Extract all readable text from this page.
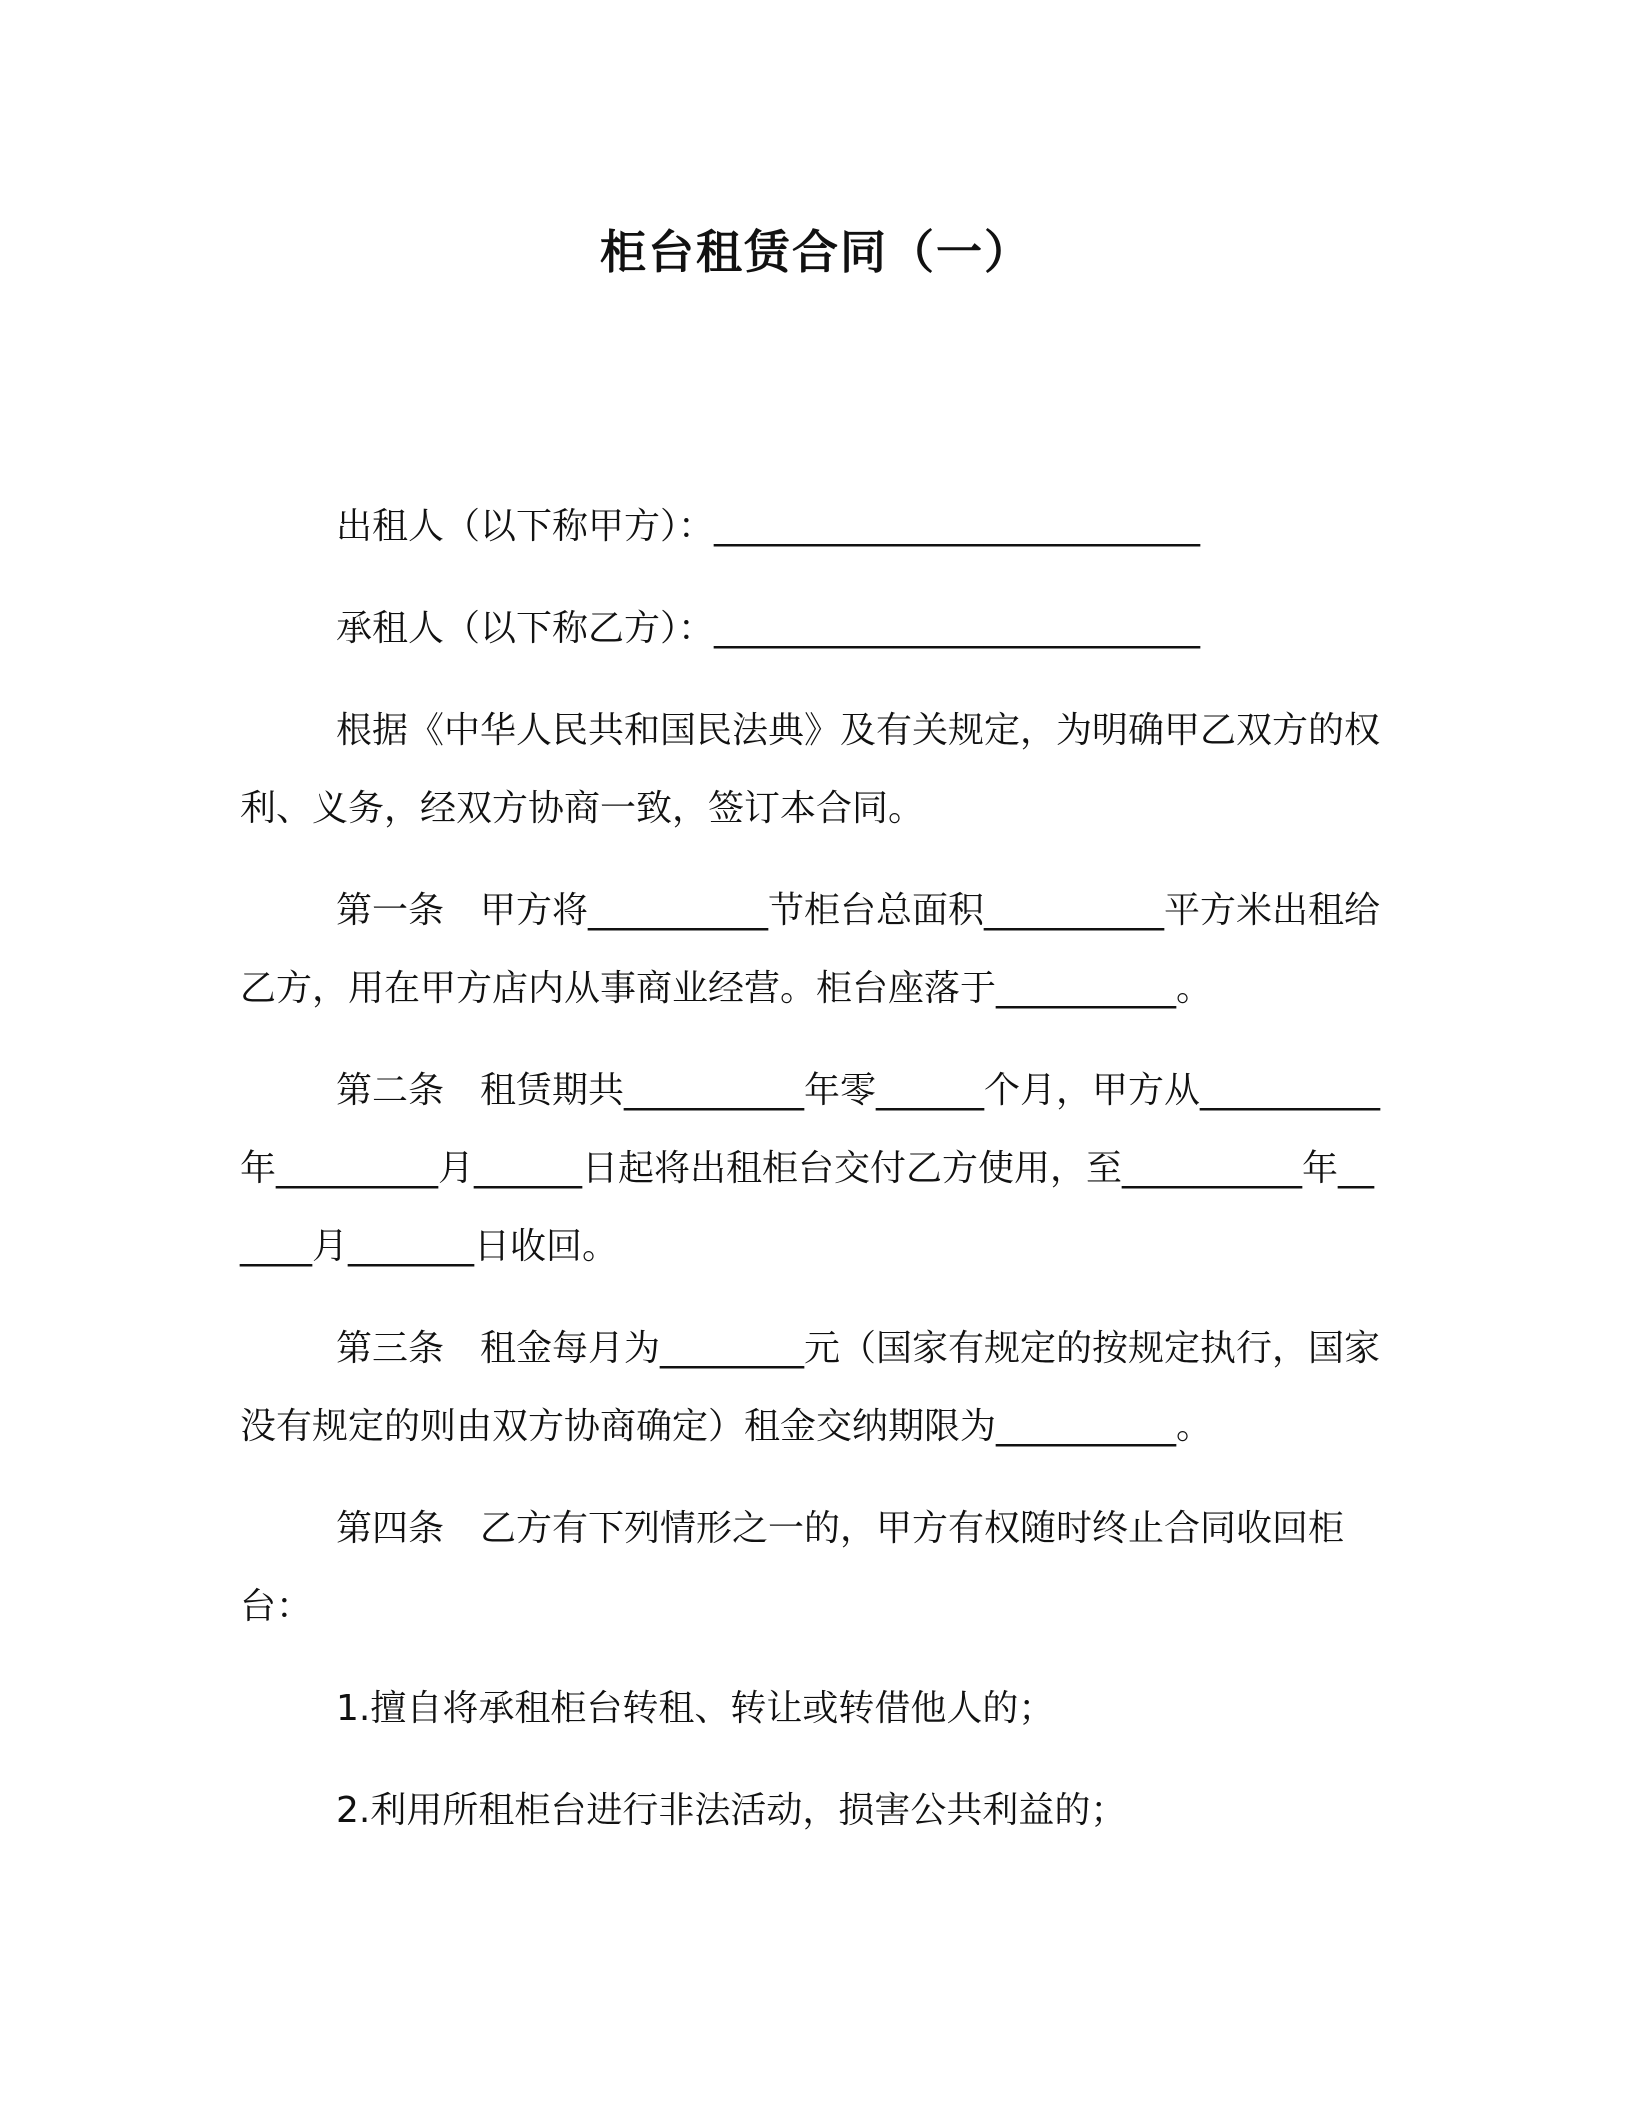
柜台租赁合同（一）

出租人（以下称甲方）：___________________________

承租人（以下称乙方）：___________________________

根据《中华人民共和国民法典》及有关规定，为明确甲乙双方的权利、义务，经双方协商一致，签订本合同。

第一条　甲方将__________节柜台总面积__________平方米出租给乙方，用在甲方店内从事商业经营。柜台座落于__________。

第二条　租赁期共__________年零______个月，甲方从__________年_________月______日起将出租柜台交付乙方使用，至__________年______月_______日收回。

第三条　租金每月为________元（国家有规定的按规定执行，国家没有规定的则由双方协商确定）租金交纳期限为__________。

第四条　乙方有下列情形之一的，甲方有权随时终止合同收回柜台：

1.擅自将承租柜台转租、转让或转借他人的；

2.利用所租柜台进行非法活动，损害公共利益的；
